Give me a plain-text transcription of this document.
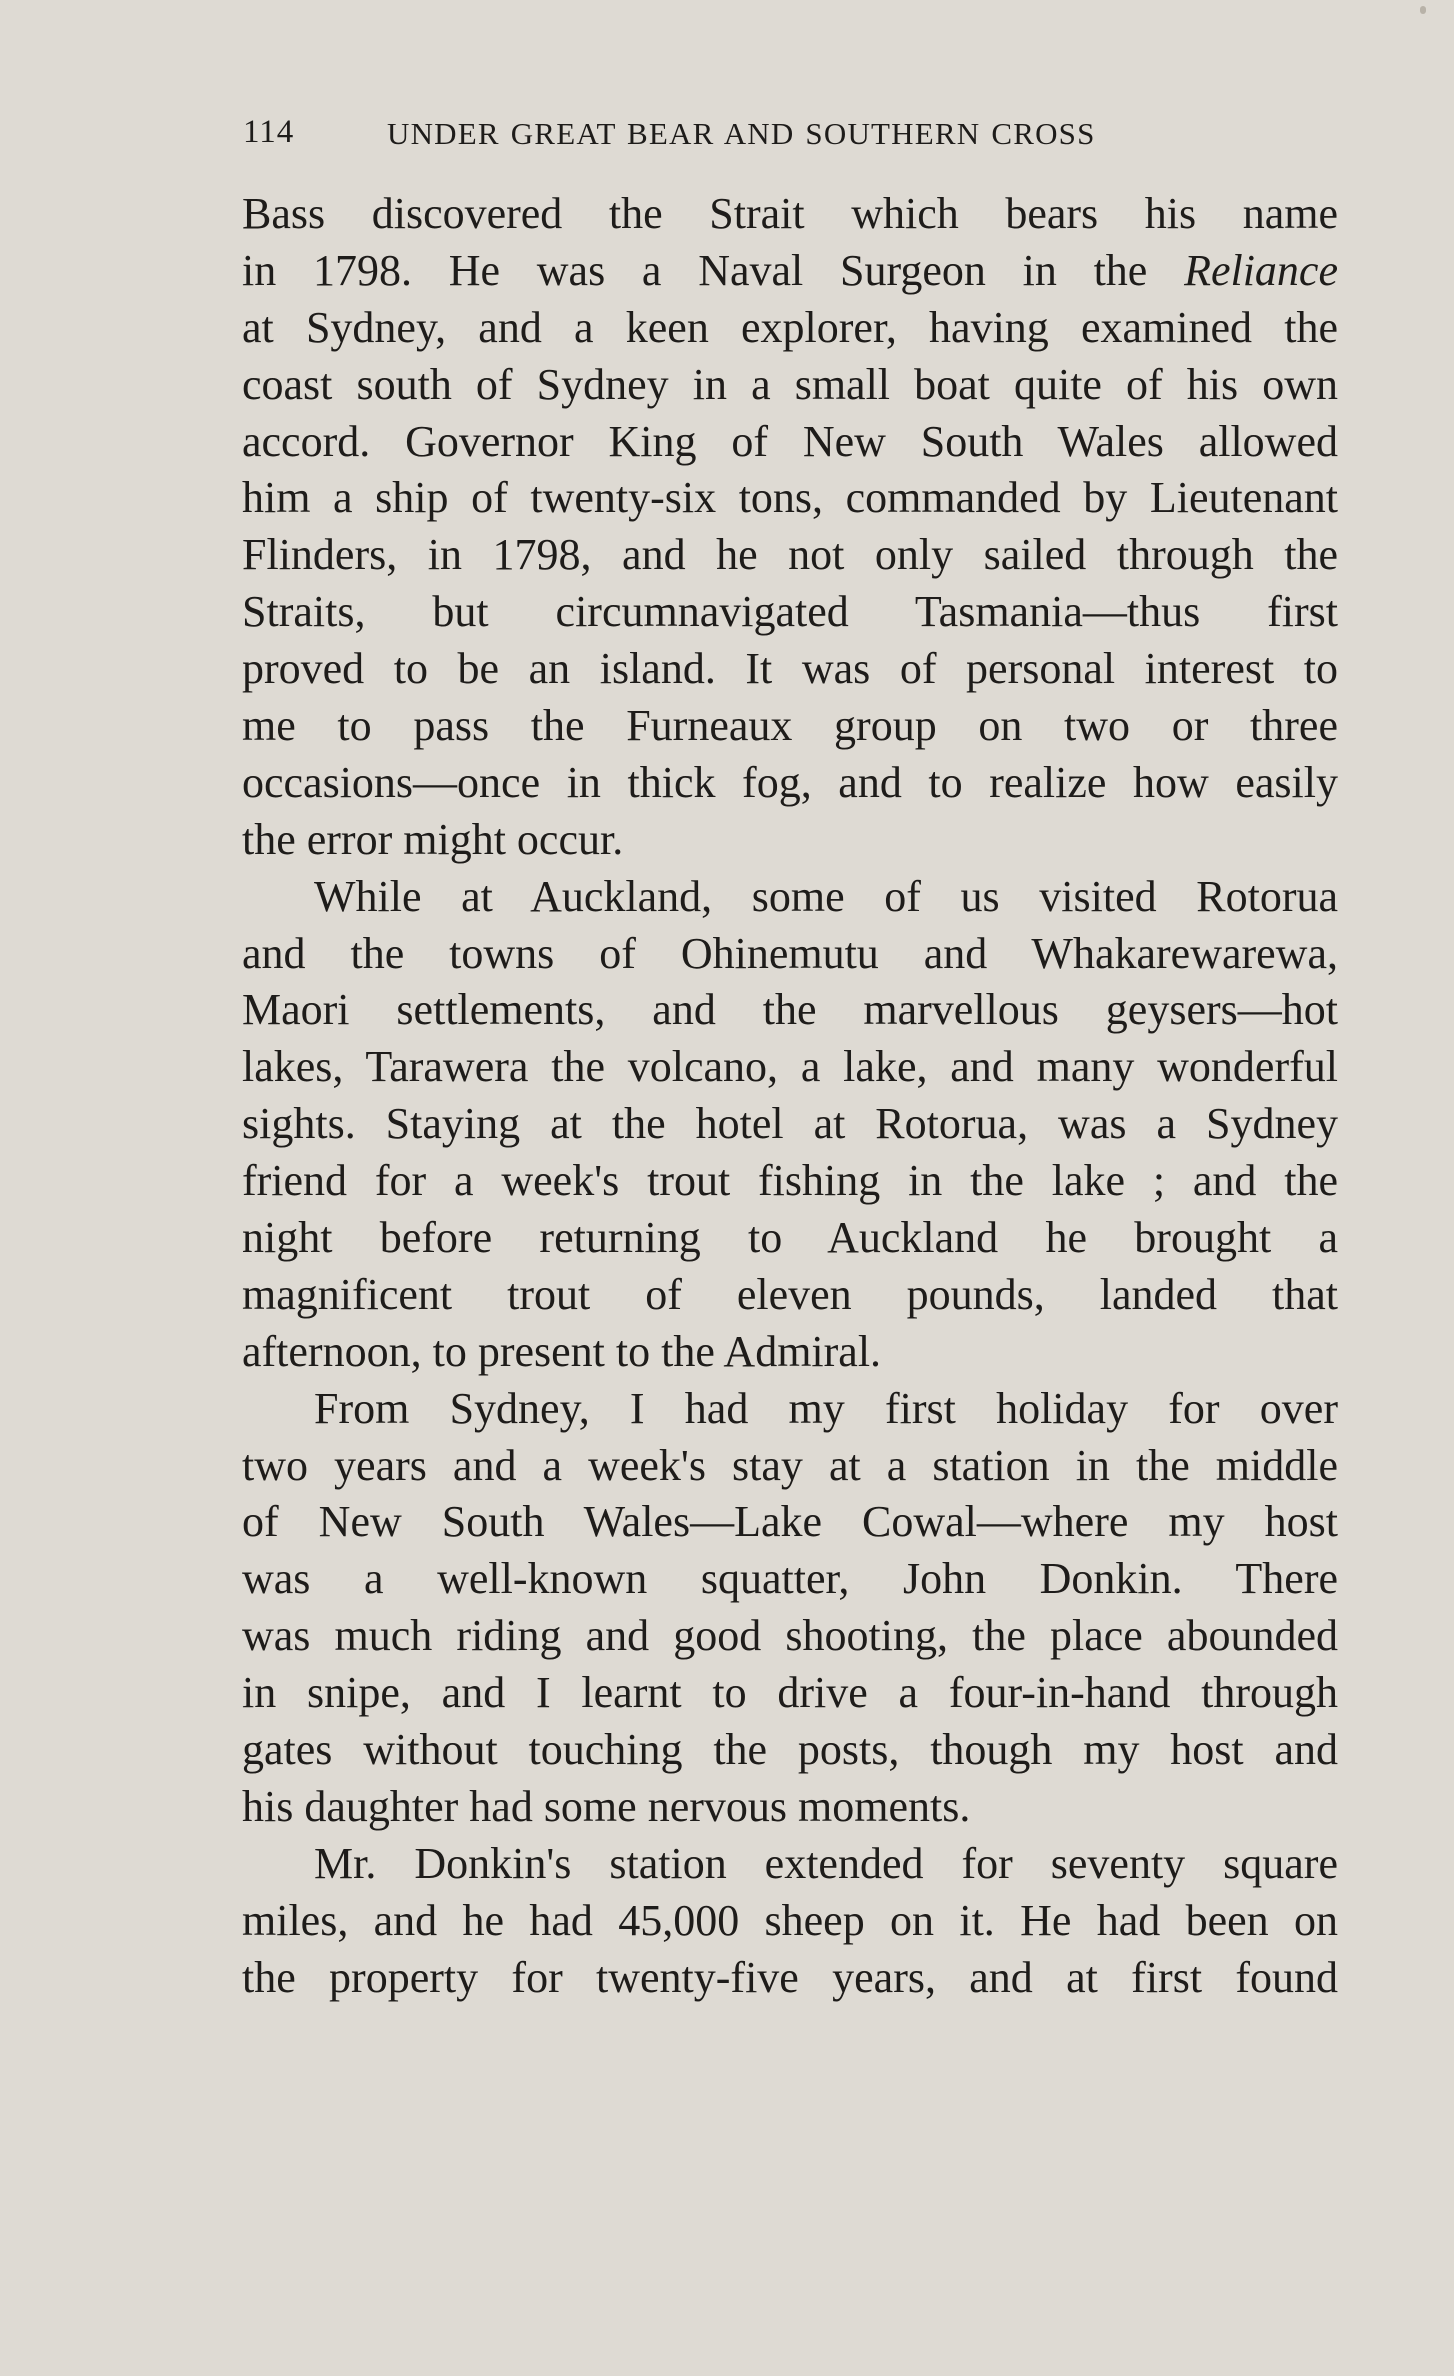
114	UNDER GREAT BEAR AND SOUTHERN CROSS
Bass discovered the Strait which bears his name
in 1798. He was a Naval Surgeon in the Reliance
at Sydney, and a keen explorer, having examined the
coast south of Sydney in a small boat quite of his own
accord. Governor King of New South Wales allowed
him a ship of twenty-six tons, commanded by Lieutenant
Flinders, in 1798, and he not only sailed through the
Straits, but circumnavigated Tasmania—thus first
proved to be an island. It was of personal interest to
me to pass the Furneaux group on two or three
occasions—once in thick fog, and to realize how easily
the error might occur.
While at Auckland, some of us visited Rotorua
and the towns of Ohinemutu and Whakarewarewa,
Maori settlements, and the marvellous geysers—hot
lakes, Tarawera the volcano, a lake, and many wonderful
sights. Staying at the hotel at Rotorua, was a Sydney
friend for a week's trout fishing in the lake ; and the
night before returning to Auckland he brought a
magnificent trout of eleven pounds, landed that
afternoon, to present to the Admiral.
From Sydney, I had my first holiday for over
two years and a week's stay at a station in the middle
of New South Wales—Lake Cowal—where my host
was a well-known squatter, John Donkin. There
was much riding and good shooting, the place abounded
in snipe, and I learnt to drive a four-in-hand through
gates without touching the posts, though my host and
his daughter had some nervous moments.
Mr. Donkin's station extended for seventy square
miles, and he had 45,000 sheep on it. He had been on
the property for twenty-five years, and at first found
